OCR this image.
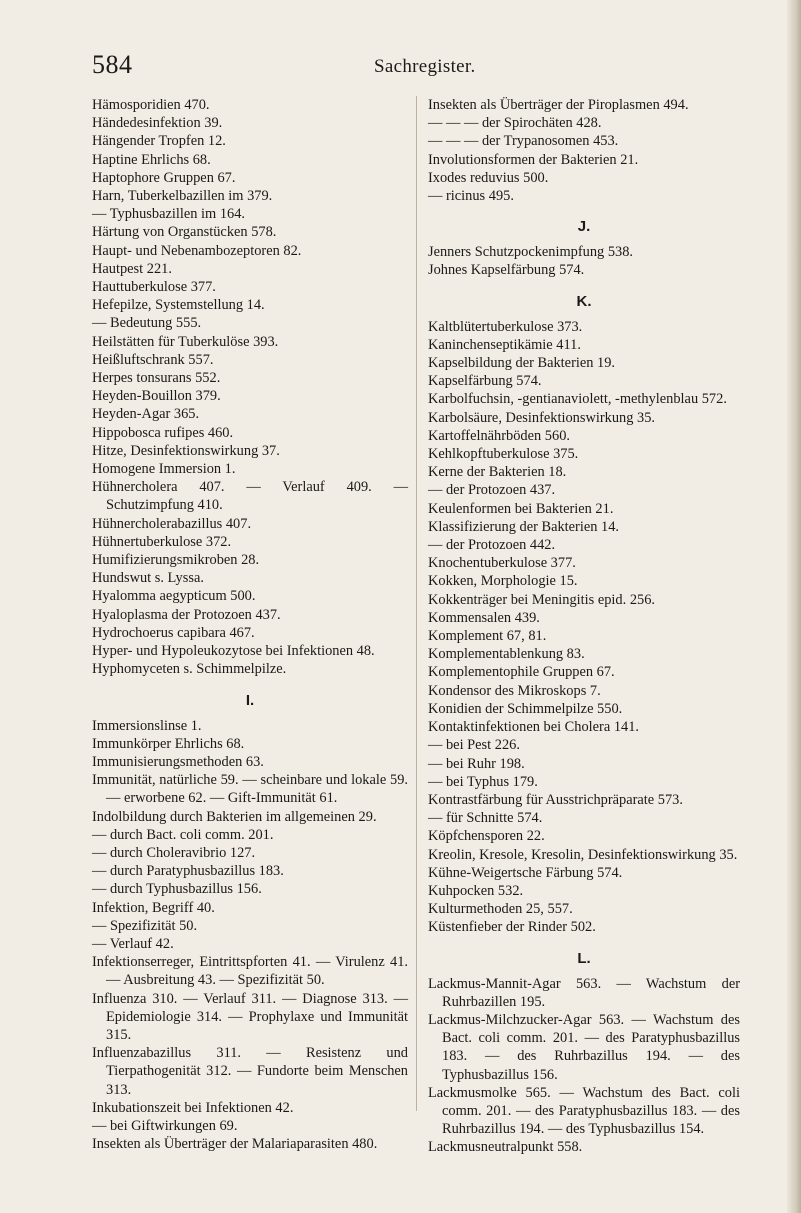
584	Sachregister.
Hämosporidien 470.
Händedesinfektion 39.
Hängender Tropfen 12.
Haptine Ehrlichs 68.
Haptophore Gruppen 67.
Harn, Tuberkelbazillen im 379.
— Typhusbazillen im 164.
Härtung von Organstücken 578.
Haupt- und Nebenambozeptoren 82.
Hautpest 221.
Hauttuberkulose 377.
Hefepilze, Systemstellung 14.
— Bedeutung 555.
Heilstätten für Tuberkulöse 393.
Heißluftschrank 557.
Herpes tonsurans 552.
Heyden-Bouillon 379.
Heyden-Agar 365.
Hippobosca rufipes 460.
Hitze, Desinfektionswirkung 37.
Homogene Immersion 1.
Hühnercholera 407. — Verlauf 409. — Schutzimpfung 410.
Hühnercholerabazillus 407.
Hühnertuberkulose 372.
Humifizierungsmikroben 28.
Hundswut s. Lyssa.
Hyalomma aegypticum 500.
Hyaloplasma der Protozoen 437.
Hydrochoerus capibara 467.
Hyper- und Hypoleukozytose bei Infektionen 48.
Hyphomyceten s. Schimmelpilze.
I.
Immersionslinse 1.
Immunkörper Ehrlichs 68.
Immunisierungsmethoden 63.
Immunität, natürliche 59. — scheinbare und lokale 59. — erworbene 62. — Gift-Immunität 61.
Indolbildung durch Bakterien im allgemeinen 29.
— durch Bact. coli comm. 201.
— durch Choleravibrio 127.
— durch Paratyphusbazillus 183.
— durch Typhusbazillus 156.
Infektion, Begriff 40.
— Spezifizität 50.
— Verlauf 42.
Infektionserreger, Eintrittspforten 41. — Virulenz 41. — Ausbreitung 43. — Spezifizität 50.
Influenza 310. — Verlauf 311. — Diagnose 313. — Epidemiologie 314. — Prophylaxe und Immunität 315.
Influenzabazillus 311. — Resistenz und Tierpathogenität 312. — Fundorte beim Menschen 313.
Inkubationszeit bei Infektionen 42.
— bei Giftwirkungen 69.
Insekten als Überträger der Malariaparasiten 480.
Insekten als Überträger der Piroplasmen 494.
— — — der Spirochäten 428.
— — — der Trypanosomen 453.
Involutionsformen der Bakterien 21.
Ixodes reduvius 500.
— ricinus 495.
J.
Jenners Schutzpockenimpfung 538.
Johnes Kapselfärbung 574.
K.
Kaltblütertuberkulose 373.
Kaninchenseptikämie 411.
Kapselbildung der Bakterien 19.
Kapselfärbung 574.
Karbolfuchsin, -gentianaviolett, -methylenblau 572.
Karbolsäure, Desinfektionswirkung 35.
Kartoffelnährböden 560.
Kehlkopftuberkulose 375.
Kerne der Bakterien 18.
— der Protozoen 437.
Keulenformen bei Bakterien 21.
Klassifizierung der Bakterien 14.
— der Protozoen 442.
Knochentuberkulose 377.
Kokken, Morphologie 15.
Kokkenträger bei Meningitis epid. 256.
Kommensalen 439.
Komplement 67, 81.
Komplementablenkung 83.
Komplementophile Gruppen 67.
Kondensor des Mikroskops 7.
Konidien der Schimmelpilze 550.
Kontaktinfektionen bei Cholera 141.
— bei Pest 226.
— bei Ruhr 198.
— bei Typhus 179.
Kontrastfärbung für Ausstrichpräparate 573.
— für Schnitte 574.
Köpfchensporen 22.
Kreolin, Kresole, Kresolin, Desinfektionswirkung 35.
Kühne-Weigertsche Färbung 574.
Kuhpocken 532.
Kulturmethoden 25, 557.
Küstenfieber der Rinder 502.
L.
Lackmus-Mannit-Agar 563. — Wachstum der Ruhrbazillen 195.
Lackmus-Milchzucker-Agar 563. — Wachstum des Bact. coli comm. 201. — des Paratyphusbazillus 183. — des Ruhrbazillus 194. — des Typhusbazillus 156.
Lackmusmolke 565. — Wachstum des Bact. coli comm. 201. — des Paratyphusbazillus 183. — des Ruhrbazillus 194. — des Typhusbazillus 154.
Lackmusneutralpunkt 558.
